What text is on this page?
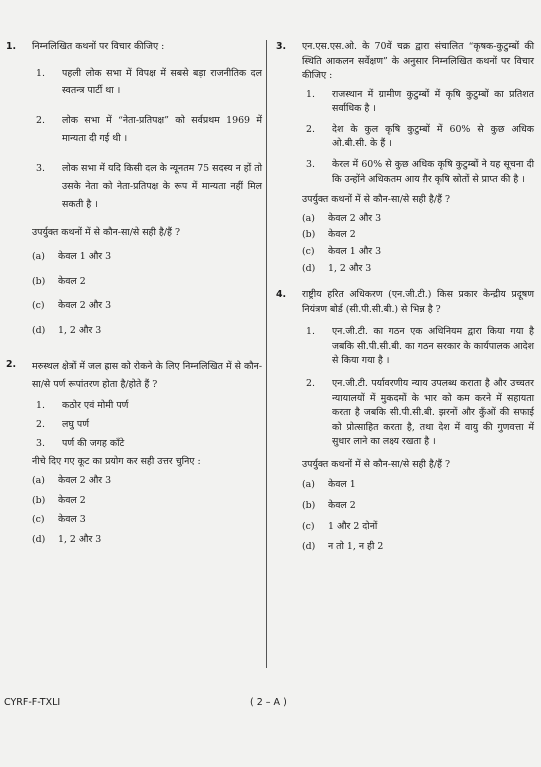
1.	निम्नलिखित कथनों पर विचार कीजिए :
1.	पहली लोक सभा में विपक्ष में सबसे बड़ा राजनीतिक दल स्वतन्त्र पार्टी था ।
2.	लोक सभा में “नेता-प्रतिपक्ष” को सर्वप्रथम 1969 में मान्यता दी गई थी ।
3.	लोक सभा में यदि किसी दल के न्यूनतम 75 सदस्य न हों तो उसके नेता को नेता-प्रतिपक्ष के रूप में मान्यता नहीं मिल सकती है ।
उपर्युक्त कथनों में से कौन-सा/से सही है/हैं ?
(a)	केवल 1 और 3
(b)	केवल 2
(c)	केवल 2 और 3
(d)	1, 2 और 3
2.	मरुस्थल क्षेत्रों में जल ह्रास को रोकने के लिए निम्नलिखित में से कौन-सा/से पर्ण रूपांतरण होता है/होते हैं ?
1.	कठोर एवं मोमी पर्ण
2.	लघु पर्ण
3.	पर्ण की जगह काँटे
नीचे दिए गए कूट का प्रयोग कर सही उत्तर चुनिए :
(a)	केवल 2 और 3
(b)	केवल 2
(c)	केवल 3
(d)	1, 2 और 3
3.	एन.एस.एस.ओ. के 70वें चक्र द्वारा संचालित “कृषक-कुटुम्बों की स्थिति आकलन सर्वेक्षण” के अनुसार निम्नलिखित कथनों पर विचार कीजिए :
1.	राजस्थान में ग्रामीण कुटुम्बों में कृषि कुटुम्बों का प्रतिशत सर्वाधिक है ।
2.	देश के कुल कृषि कुटुम्बों में 60% से कुछ अधिक ओ.बी.सी. के हैं ।
3.	केरल में 60% से कुछ अधिक कृषि कुटुम्बों ने यह सूचना दी कि उन्होंने अधिकतम आय ग़ैर कृषि स्रोतों से प्राप्त की है ।
उपर्युक्त कथनों में से कौन-सा/से सही है/हैं ?
(a)	केवल 2 और 3
(b)	केवल 2
(c)	केवल 1 और 3
(d)	1, 2 और 3
4.	राष्ट्रीय हरित अधिकरण (एन.जी.टी.) किस प्रकार केन्द्रीय प्रदूषण नियंत्रण बोर्ड (सी.पी.सी.बी.) से भिन्न है ?
1.	एन.जी.टी. का गठन एक अधिनियम द्वारा किया गया है जबकि सी.पी.सी.बी. का गठन सरकार के कार्यपालक आदेश से किया गया है ।
2.	एन.जी.टी. पर्यावरणीय न्याय उपलब्ध कराता है और उच्चतर न्यायालयों में मुकदमों के भार को कम करने में सहायता करता है जबकि सी.पी.सी.बी. झरनों और कुँओं की सफाई को प्रोत्साहित करता है, तथा देश में वायु की गुणवत्ता में सुधार लाने का लक्ष्य रखता है ।
उपर्युक्त कथनों में से कौन-सा/से सही है/हैं ?
(a)	केवल 1
(b)	केवल 2
(c)	1 और 2 दोनों
(d)	न तो 1, न ही 2
CYRF-F-TXLI	( 2 – A )
